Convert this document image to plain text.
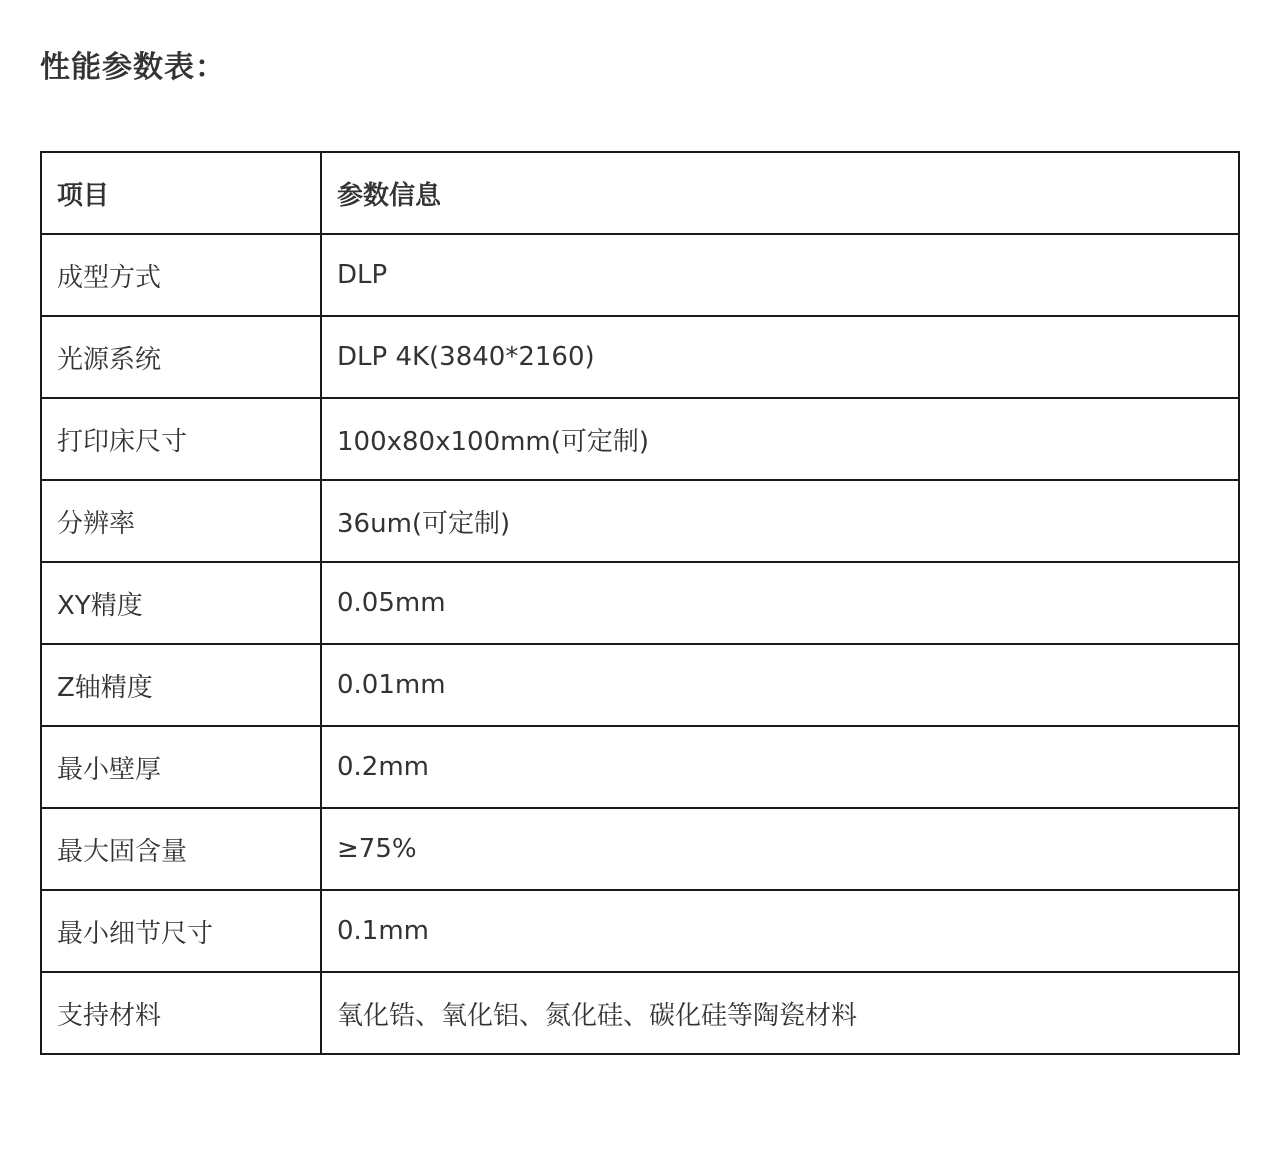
性能参数表：
项目	参数信息
成型方式	DLP
光源系统	DLP 4K(3840*2160)
打印床尺寸	100x80x100mm(可定制)
分辨率	36um(可定制)
XY精度	0.05mm
Z轴精度	0.01mm
最小壁厚	0.2mm
最大固含量	≥75%
最小细节尺寸	0.1mm
支持材料	氧化锆、氧化铝、氮化硅、碳化硅等陶瓷材料
